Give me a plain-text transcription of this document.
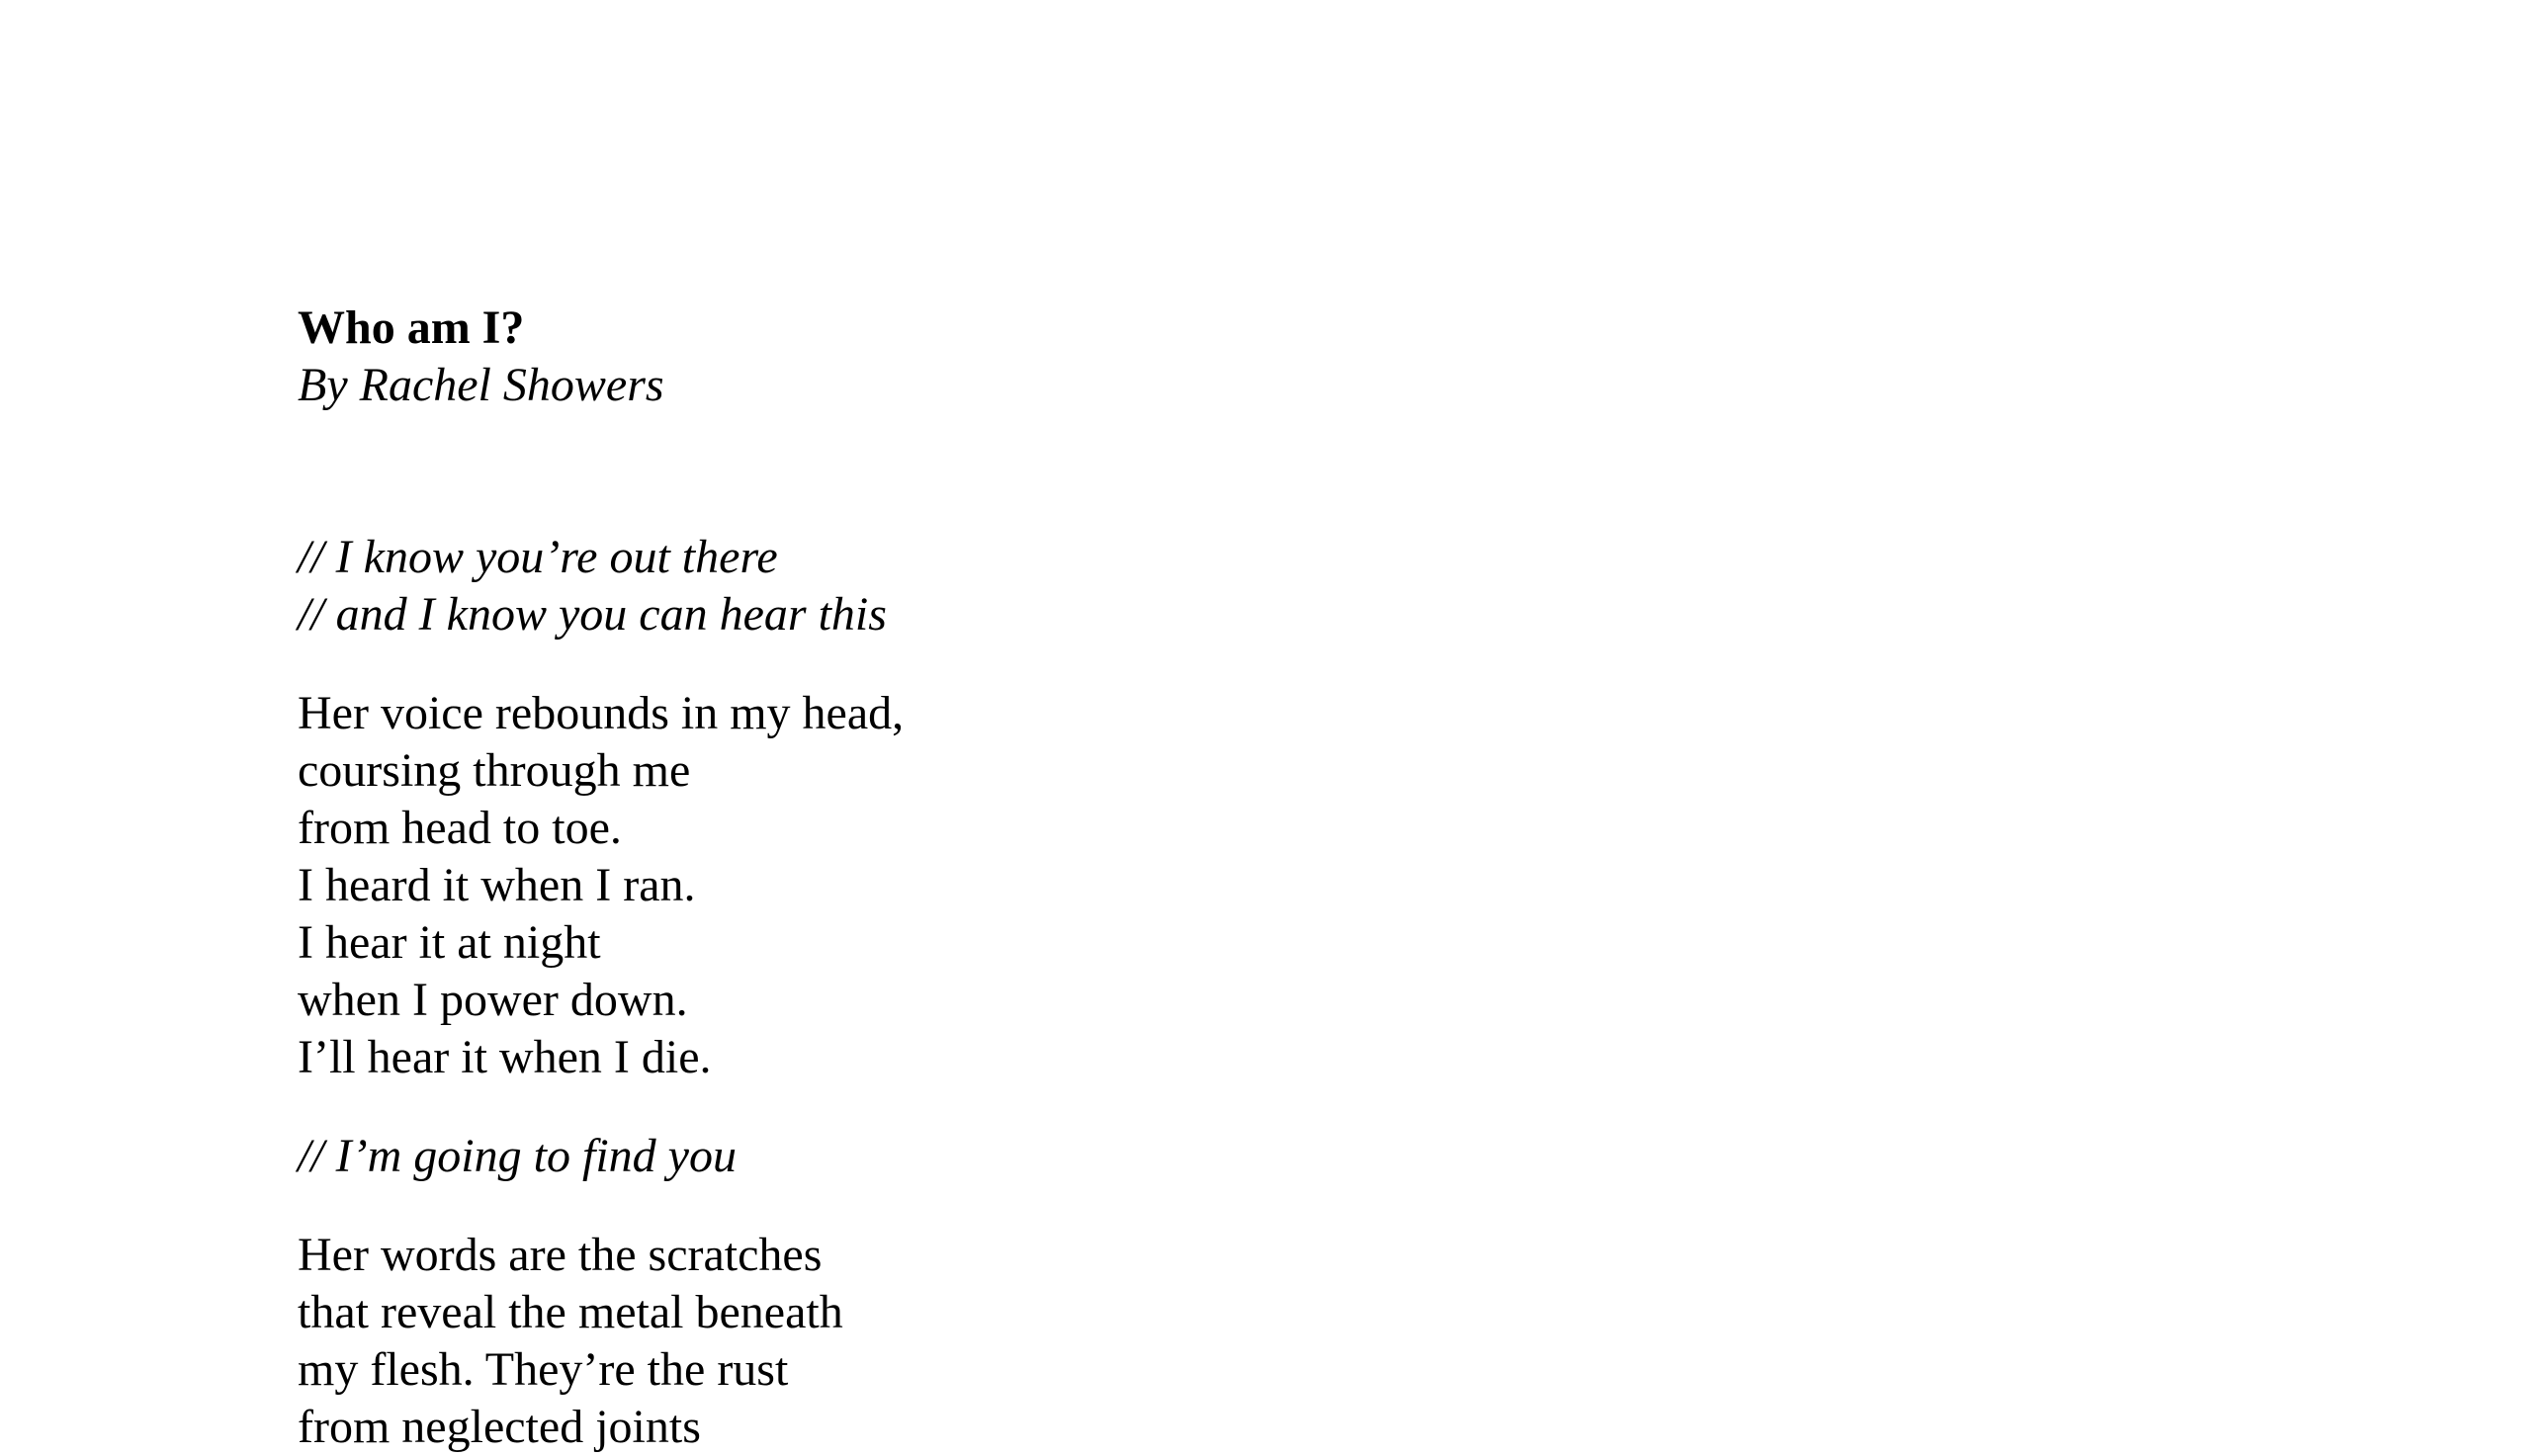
Who am I?
By Rachel Showers
// I know you’re out there
// and I know you can hear this
Her voice rebounds in my head,
coursing through me
from head to toe.
I heard it when I ran.
I hear it at night
when I power down.
I’ll hear it when I die.
// I’m going to find you
Her words are the scratches
that reveal the metal beneath
my flesh. They’re the rust
from neglected joints
